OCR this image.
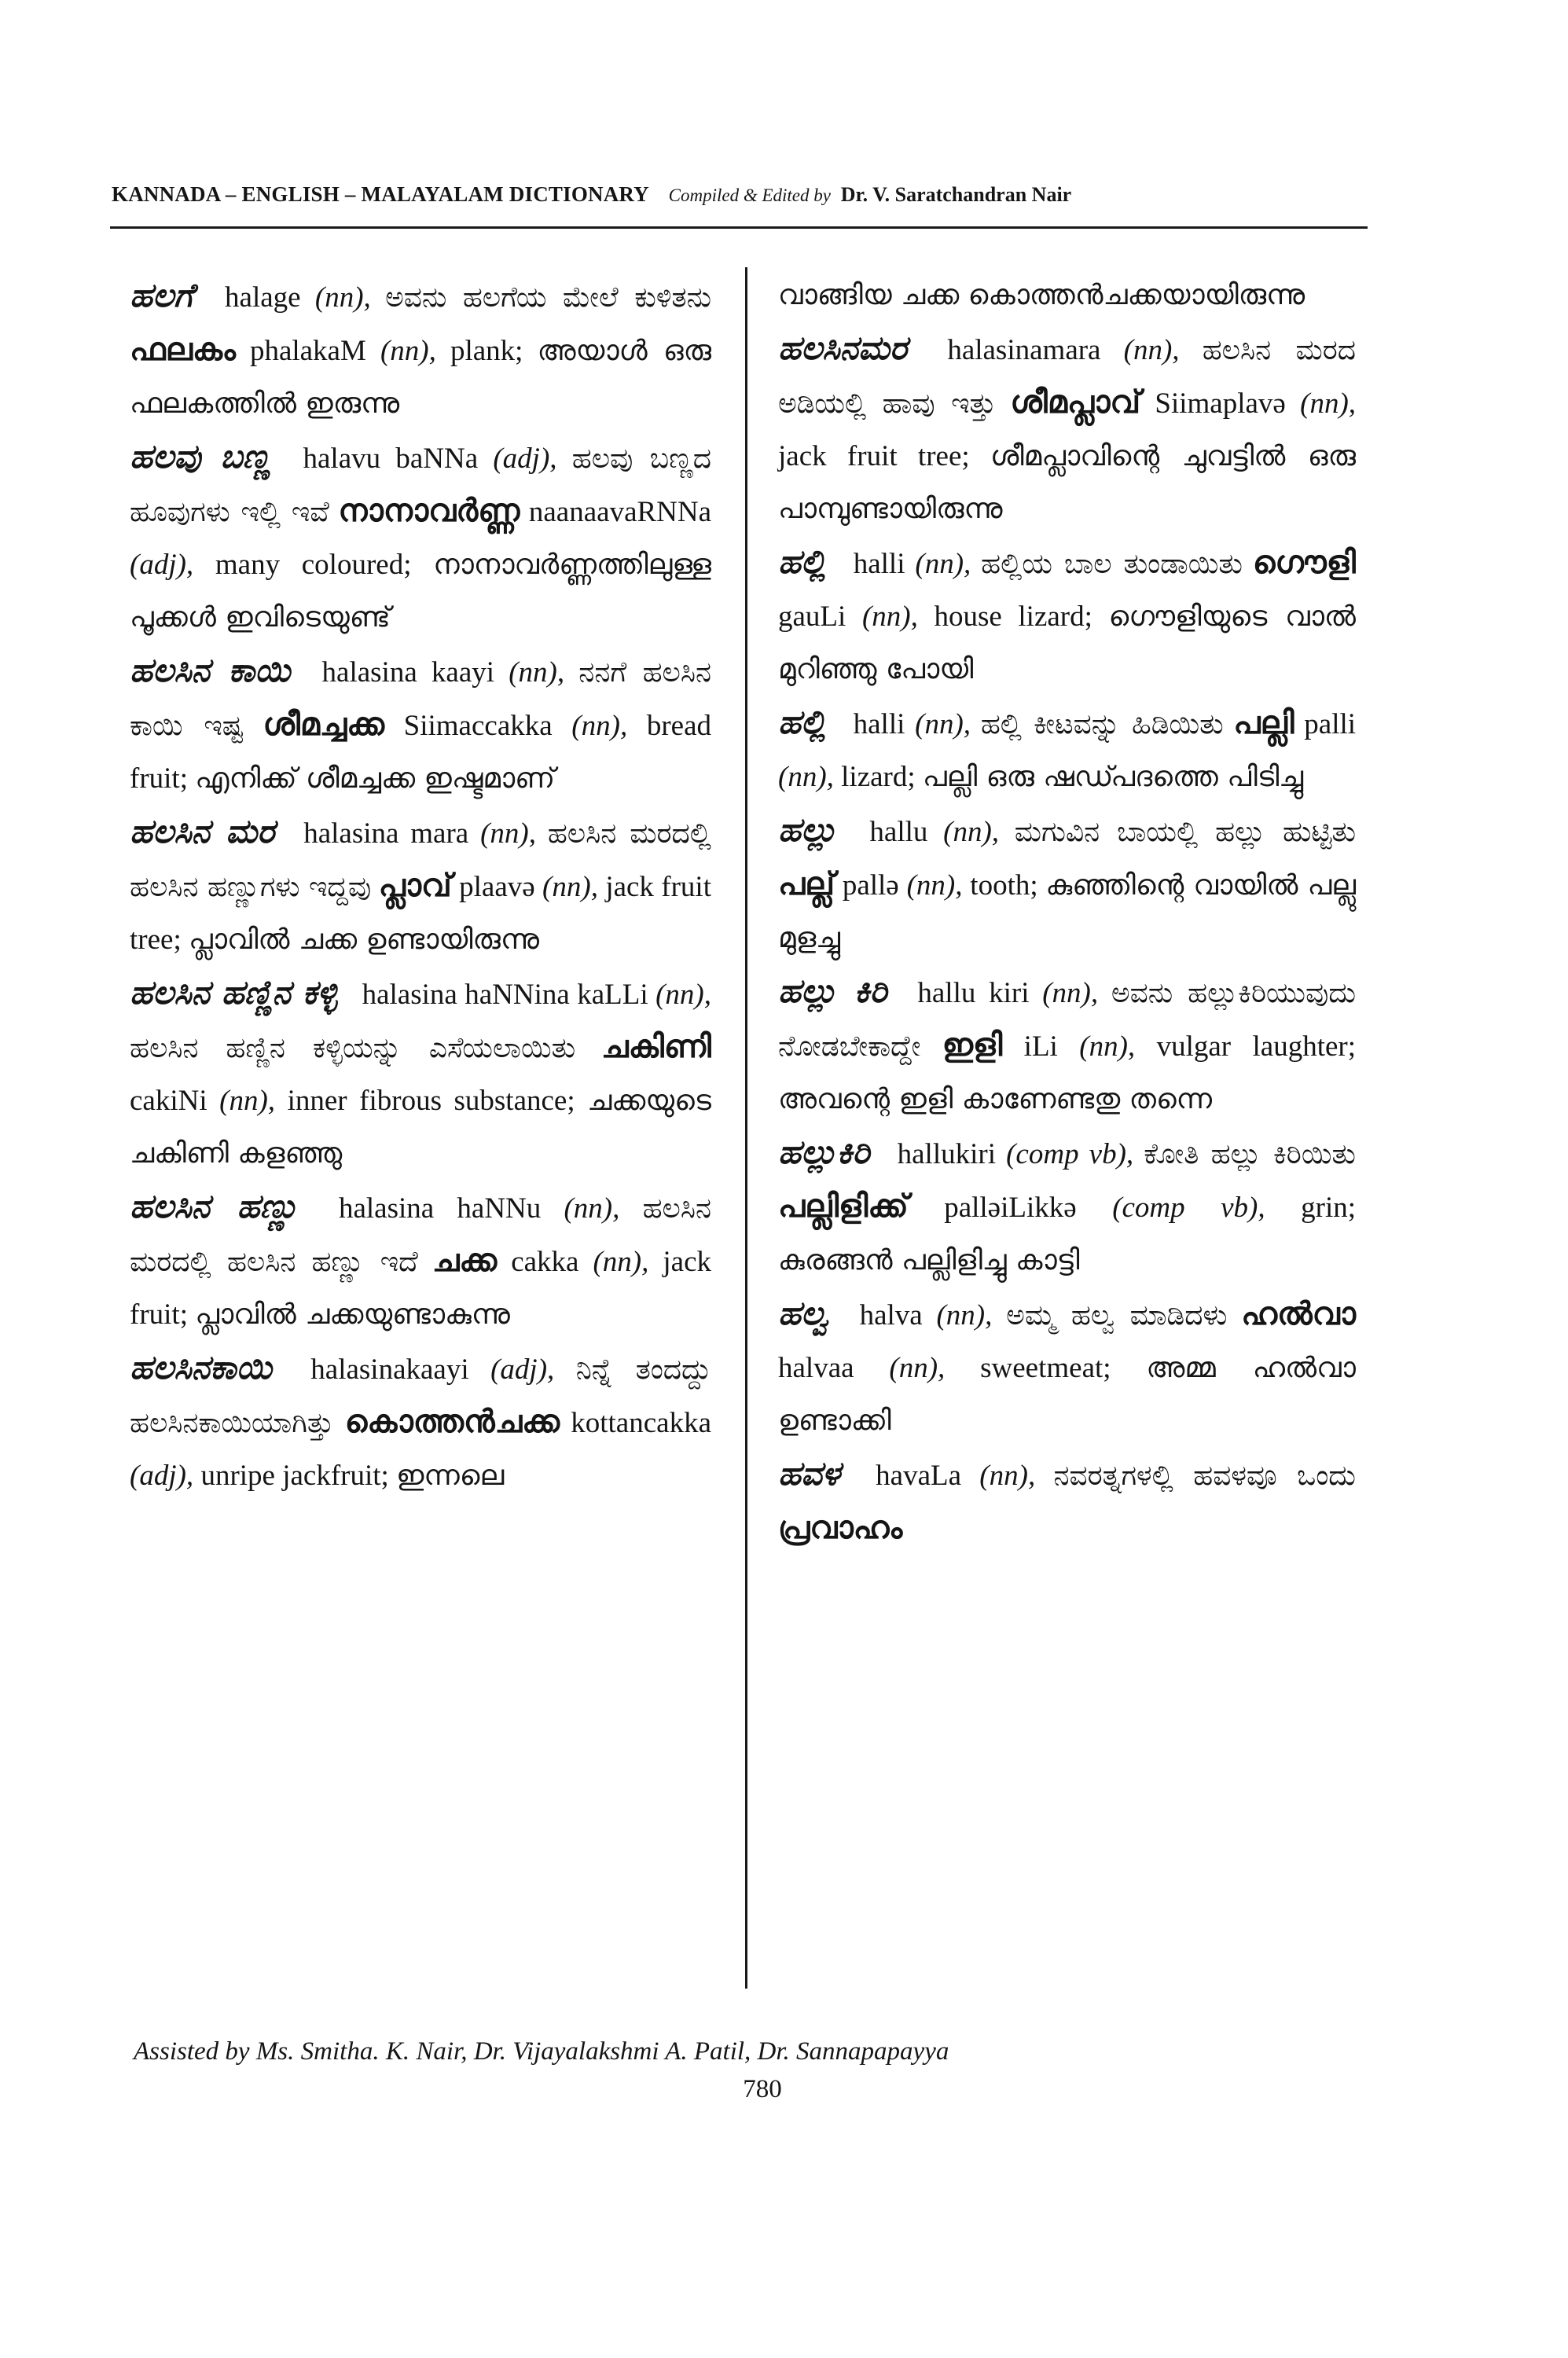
KANNADA – ENGLISH – MALAYALAM DICTIONARY Compiled & Edited by Dr. V. Saratchandran Nair

ಹಲಗೆ halage (nn), ಅವನು ಹಲಗೆಯ ಮೇಲೆ ಕುಳಿತನು ഫലകം phalakaM (nn), plank; അയാൾ ഒരു ഫലകത്തിൽ ഇരുന്നു

ಹಲವು ಬಣ್ಣ halavu baNNa (adj), ಹಲವು ಬಣ್ಣದ ಹೂವುಗಳು ಇಲ್ಲಿ ಇವೆ നാനാവർണ്ണ naanaavaRNNa (adj), many coloured; നാനാവർണ്ണത്തിലുള്ള പൂക്കൾ ഇവിടെയുണ്ട്

ಹಲಸಿನ ಕಾಯಿ halasina kaayi (nn), ನನಗೆ ಹಲಸಿನ ಕಾಯಿ ಇಷ್ಟ ശീമച്ചക്ക Siimaccakka (nn), bread fruit; എനിക്ക് ശീമച്ചക്ക ഇഷ്ടമാണ്

ಹಲಸಿನ ಮರ halasina mara (nn), ಹಲಸಿನ ಮರದಲ್ಲಿ ಹಲಸಿನ ಹಣ್ಣುಗಳು ಇದ್ದವು പ്ലാവ് plaavə (nn), jack fruit tree; പ്ലാവിൽ ചക്ക ഉണ്ടായിരുന്നു

ಹಲಸಿನ ಹಣ್ಣಿನ ಕಳ್ಳಿ halasina haNNina kaLLi (nn), ಹಲಸಿನ ಹಣ್ಣಿನ ಕಳ್ಳಿಯನ್ನು ಎಸೆಯಲಾಯಿತು ചകിണി cakiNi (nn), inner fibrous substance; ചക്കയുടെ ചകിണി കളഞ്ഞു

ಹಲಸಿನ ಹಣ್ಣು halasina haNNu (nn), ಹಲಸಿನ ಮರದಲ್ಲಿ ಹಲಸಿನ ಹಣ್ಣು ಇದೆ ചക്ക cakka (nn), jack fruit; പ്ലാവിൽ ചക്കയുണ്ടാകുന്നു

ಹಲಸಿನಕಾಯಿ halasinakaayi (adj), ನಿನ್ನೆ ತಂದದ್ದು ಹಲಸಿನಕಾಯಿಯಾಗಿತ್ತು കൊത്തൻചക്ക kottancakka (adj), unripe jackfruit; ഇന്നലെ

വാങ്ങിയ ചക്ക കൊത്തൻചക്കയായിരുന്നു

ಹಲಸಿನಮರ halasinamara (nn), ಹಲಸಿನ ಮರದ ಅಡಿಯಲ್ಲಿ ಹಾವು ಇತ್ತು ശീമപ്ലാവ് Siimaplavə (nn), jack fruit tree; ശീമപ്ലാവിന്റെ ചുവട്ടിൽ ഒരു പാമ്പുണ്ടായിരുന്നു

ಹಲ್ಲಿ halli (nn), ಹಲ್ಲಿಯ ಬಾಲ ತುಂಡಾಯಿತು ഗൌളി gauLi (nn), house lizard; ഗൌളിയുടെ വാൽ മുറിഞ്ഞു പോയി

ಹಲ್ಲಿ halli (nn), ಹಲ್ಲಿ ಕೀಟವನ್ನು ಹಿಡಿಯಿತು പല്ലി palli (nn), lizard; പല്ലി ഒരു ഷഡ്പദത്തെ പിടിച്ചു

ಹಲ್ಲು hallu (nn), ಮಗುವಿನ ಬಾಯಲ್ಲಿ ಹಲ್ಲು ಹುಟ್ಟಿತು പല്ല് pallə (nn), tooth; കുഞ്ഞിന്റെ വായിൽ പല്ലു മുളച്ചു

ಹಲ್ಲು ಕಿರಿ hallu kiri (nn), ಅವನು ಹಲ್ಲುಕಿರಿಯುವುದು ನೋಡಬೇಕಾದ್ದೇ ഇളി iLi (nn), vulgar laughter; അവന്റെ ഇളി കാണേണ്ടതു തന്നെ

ಹಲ್ಲುಕಿರಿ hallukiri (comp vb), ಕೋತಿ ಹಲ್ಲು ಕಿರಿಯಿತು പല്ലിളിക്ക് palləiLikkə (comp vb), grin; കുരങ്ങൻ പല്ലിളിച്ചു കാട്ടി

ಹಲ್ವ halva (nn), ಅಮ್ಮ ಹಲ್ವ ಮಾಡಿದಳು ഹൽവാ halvaa (nn), sweetmeat; അമ്മ ഹൽവാ ഉണ്ടാക്കി

ಹವಳ havaLa (nn), ನವರತ್ನಗಳಲ್ಲಿ ಹವಳವೂ ಒಂದು പ്രവാഹം

Assisted by Ms. Smitha. K. Nair, Dr. Vijayalakshmi A. Patil, Dr. Sannapapayya
780
